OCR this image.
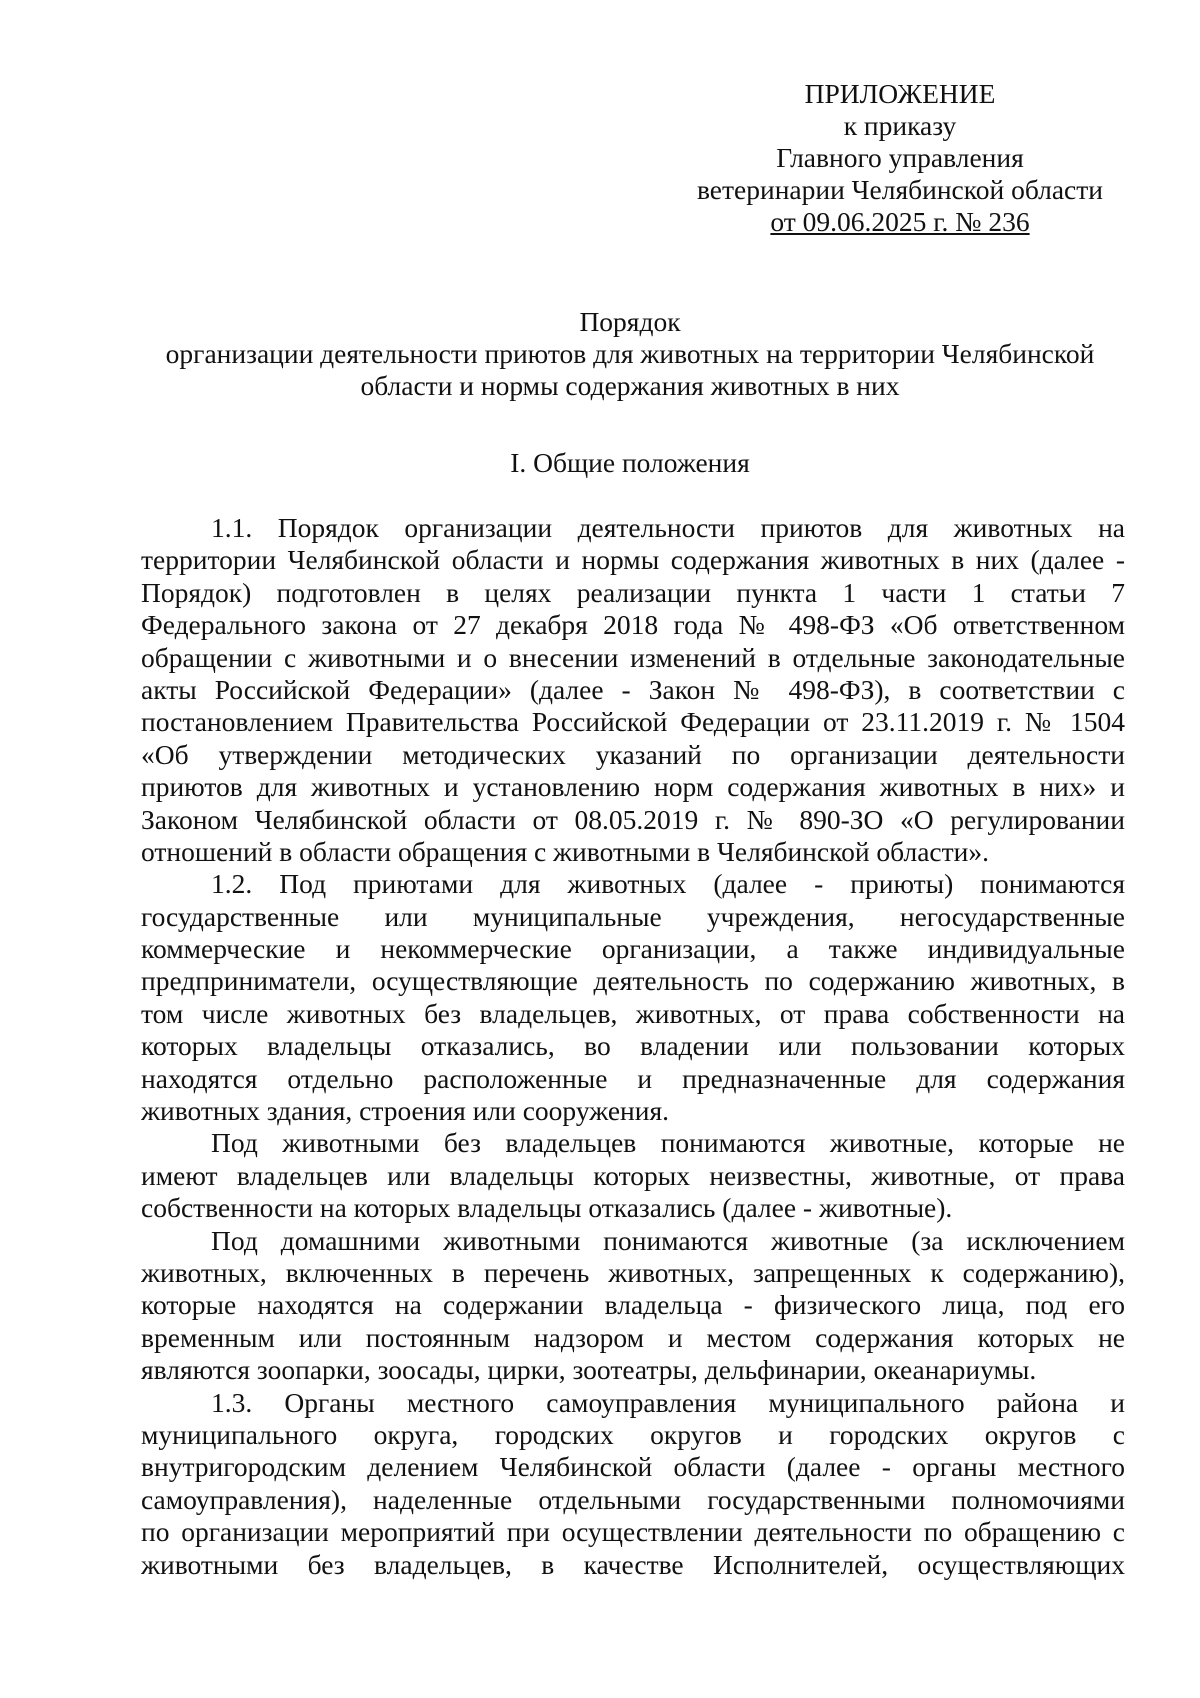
ПРИЛОЖЕНИЕ
к приказу
Главного управления
ветеринарии Челябинской области
от 09.06.2025 г. № 236
Порядок
организации деятельности приютов для животных на территории Челябинской
области и нормы содержания животных в них
I. Общие положения
1.1. Порядок организации деятельности приютов для животных на
территории Челябинской области и нормы содержания животных в них (далее -
Порядок) подготовлен в целях реализации пункта 1 части 1 статьи 7
Федерального закона от 27 декабря 2018 года № 498-ФЗ «Об ответственном
обращении с животными и о внесении изменений в отдельные законодательные
акты Российской Федерации» (далее - Закон № 498-ФЗ), в соответствии с
постановлением Правительства Российской Федерации от 23.11.2019 г. № 1504
«Об утверждении методических указаний по организации деятельности
приютов для животных и установлению норм содержания животных в них» и
Законом Челябинской области от 08.05.2019 г. № 890-ЗО «О регулировании
отношений в области обращения с животными в Челябинской области».
1.2. Под приютами для животных (далее - приюты) понимаются
государственные или муниципальные учреждения, негосударственные
коммерческие и некоммерческие организации, а также индивидуальные
предприниматели, осуществляющие деятельность по содержанию животных, в
том числе животных без владельцев, животных, от права собственности на
которых владельцы отказались, во владении или пользовании которых
находятся отдельно расположенные и предназначенные для содержания
животных здания, строения или сооружения.
Под животными без владельцев понимаются животные, которые не
имеют владельцев или владельцы которых неизвестны, животные, от права
собственности на которых владельцы отказались (далее - животные).
Под домашними животными понимаются животные (за исключением
животных, включенных в перечень животных, запрещенных к содержанию),
которые находятся на содержании владельца - физического лица, под его
временным или постоянным надзором и местом содержания которых не
являются зоопарки, зоосады, цирки, зоотеатры, дельфинарии, океанариумы.
1.3. Органы местного самоуправления муниципального района и
муниципального округа, городских округов и городских округов с
внутригородским делением Челябинской области (далее - органы местного
самоуправления), наделенные отдельными государственными полномочиями
по организации мероприятий при осуществлении деятельности по обращению с
животными без владельцев, в качестве Исполнителей, осуществляющих
